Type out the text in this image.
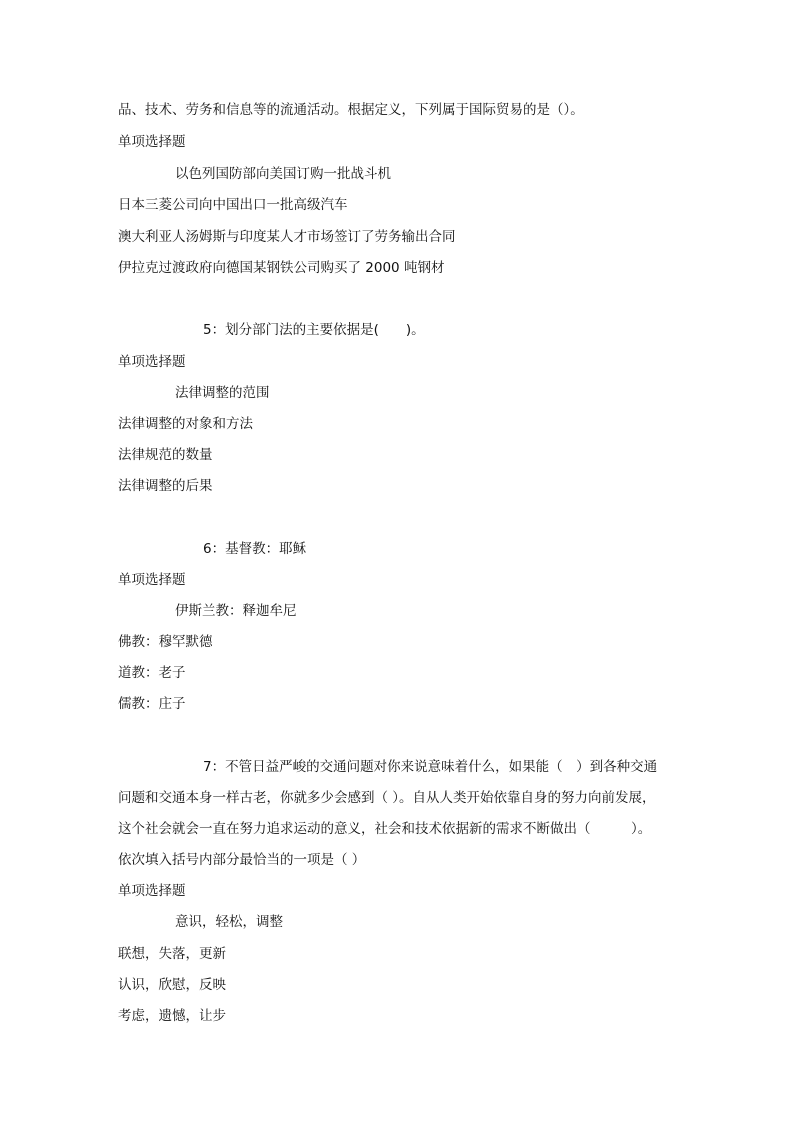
品、技术、劳务和信息等的流通活动。根据定义，下列属于国际贸易的是（）。
单项选择题
以色列国防部向美国订购一批战斗机
日本三菱公司向中国出口一批高级汽车
澳大利亚人汤姆斯与印度某人才市场签订了劳务输出合同
伊拉克过渡政府向德国某钢铁公司购买了 2000 吨钢材
5：划分部门法的主要依据是(　　)。
单项选择题
法律调整的范围
法律调整的对象和方法
法律规范的数量
法律调整的后果
6：基督教：耶稣
单项选择题
伊斯兰教：释迦牟尼
佛教：穆罕默德
道教：老子
儒教：庄子
7：不管日益严峻的交通问题对你来说意味着什么，如果能（　）到各种交通
问题和交通本身一样古老，你就多少会感到（ ）。自从人类开始依靠自身的努力向前发展，
这个社会就会一直在努力追求运动的意义，社会和技术依据新的需求不断做出（　　　）。
依次填入括号内部分最恰当的一项是（ ）
单项选择题
意识，轻松，调整
联想，失落，更新
认识，欣慰，反映
考虑，遗憾，让步
